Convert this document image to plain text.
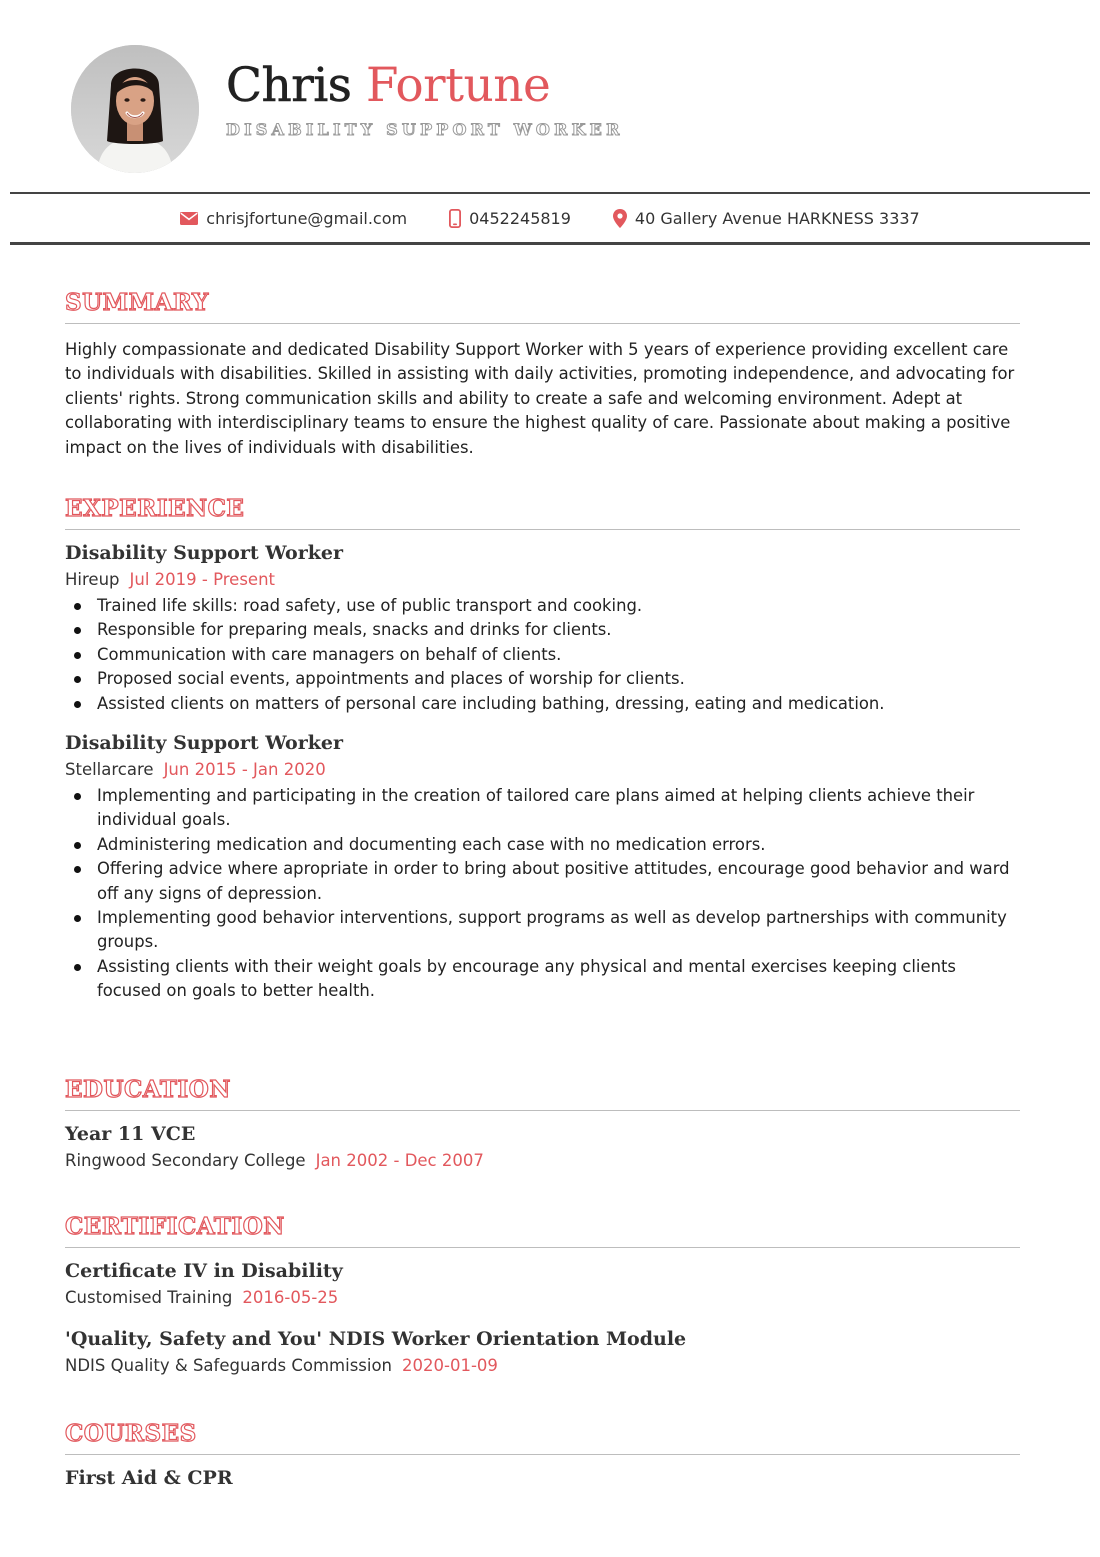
Chris Fortune
DISABILITY SUPPORT WORKER
chrisjfortune@gmail.com	0452245819	40 Gallery Avenue HARKNESS 3337
SUMMARY

Highly compassionate and dedicated Disability Support Worker with 5 years of experience providing excellent care to individuals with disabilities. Skilled in assisting with daily activities, promoting independence, and advocating for clients' rights. Strong communication skills and ability to create a safe and welcoming environment. Adept at collaborating with interdisciplinary teams to ensure the highest quality of care. Passionate about making a positive impact on the lives of individuals with disabilities.

EXPERIENCE
Disability Support Worker
Hireup Jul 2019 - Present
Trained life skills: road safety, use of public transport and cooking.
Responsible for preparing meals, snacks and drinks for clients.
Communication with care managers on behalf of clients.
Proposed social events, appointments and places of worship for clients.
Assisted clients on matters of personal care including bathing, dressing, eating and medication.
Disability Support Worker
Stellarcare Jun 2015 - Jan 2020
Implementing and participating in the creation of tailored care plans aimed at helping clients achieve their individual goals.
Administering medication and documenting each case with no medication errors.
Offering advice where apropriate in order to bring about positive attitudes, encourage good behavior and ward off any signs of depression.
Implementing good behavior interventions, support programs as well as develop partnerships with community groups.
Assisting clients with their weight goals by encourage any physical and mental exercises keeping clients focused on goals to better health.
EDUCATION
Year 11 VCE
Ringwood Secondary College Jan 2002 - Dec 2007
CERTIFICATION
Certificate IV in Disability
Customised Training 2016-05-25
'Quality, Safety and You' NDIS Worker Orientation Module
NDIS Quality & Safeguards Commission 2020-01-09
COURSES
First Aid & CPR
